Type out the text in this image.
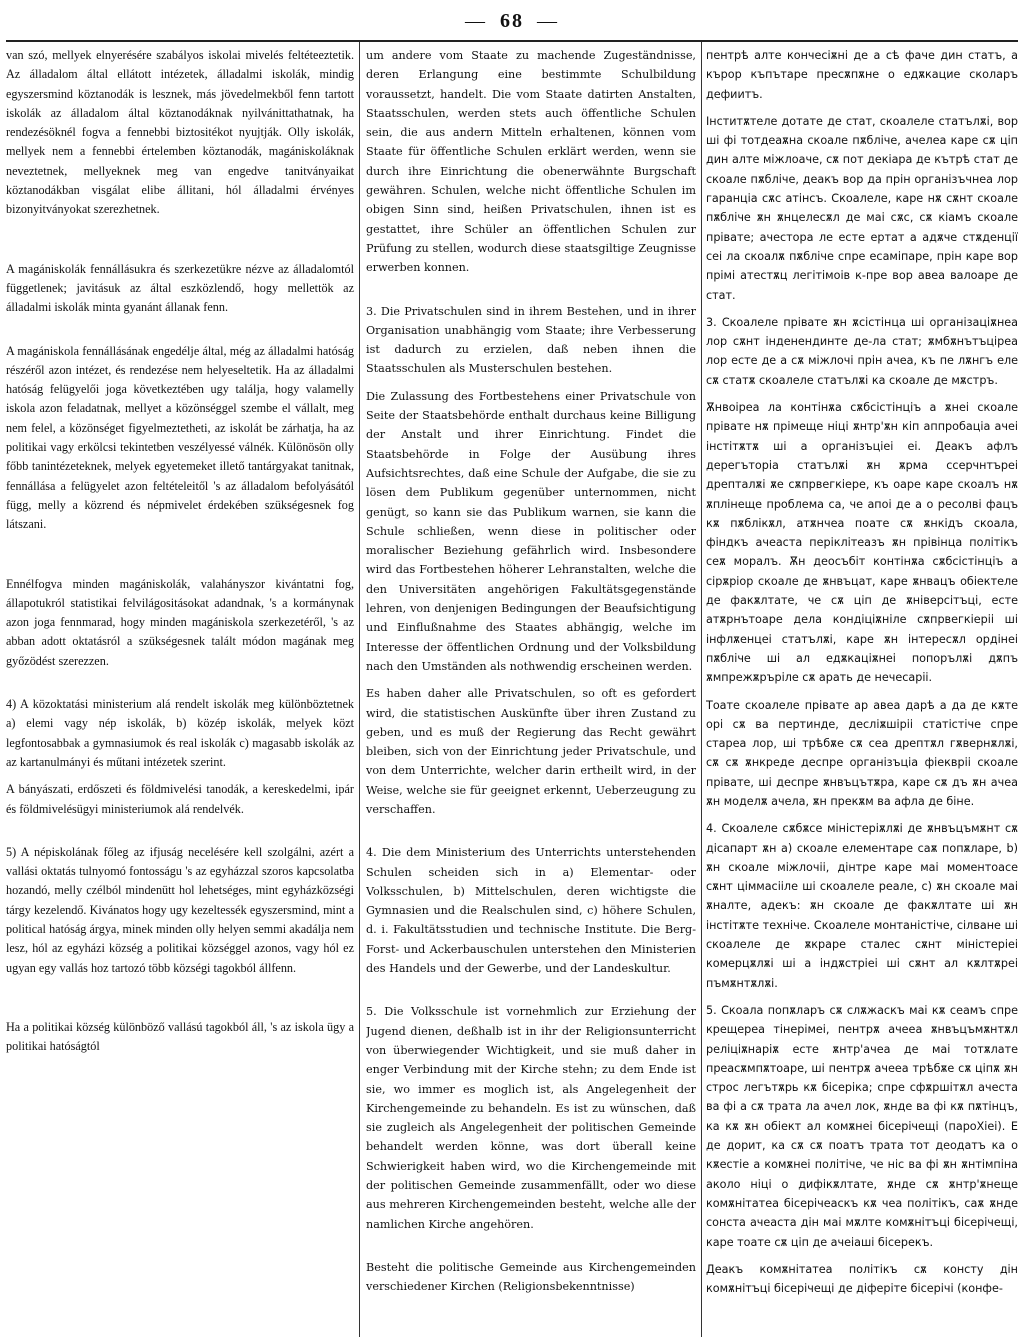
— 68 —

van szó, mellyek elnyerésére szabályos iskolai mivelés feltéteeztetik. Az álladalom által ellátott intézetek, álladalmi iskolák, mindig egyszersmind köztanodák is lesznek, más jövedelmekből fenn tartott iskolák az álladalom által köztanodáknak nyilvánittathatnak, ha rendezésöknél fogva a fennebbi biztositékot nyujtják. Olly iskolák, mellyek nem a fennebbi értelemben köztanodák, magániskoláknak neveztetnek, mellyeknek meg van engedve tanitványaikat köztanodákban visgálat elibe állitani, hól álladalmi érvényes bizonyitványokat szerezhetnek.

A magániskolák fennállásukra és szerkezetükre nézve az álladalomtól függetlenek; javitásuk az által eszközlendő, hogy mellettök az álladalmi iskolák minta gyanánt állanak fenn.

A magániskola fennállásának engedélje által, még az álladalmi hatóság részéről azon intézet, és rendezése nem helyeseltetik. Ha az álladalmi hatóság felügyelői joga következtében ugy találja, hogy valamelly iskola azon feladatnak, mellyet a közönséggel szembe el vállalt, meg nem felel, a közönséget figyelmeztetheti, az iskolát be zárhatja, ha az politikai vagy erkölcsi tekintetben veszélyessé válnék. Különösön olly főbb tanintézeteknek, melyek egyetemeket illető tantárgyakat tanitnak, fennállása a felügyelet azon feltételeitől 's az álladalom befolyásától függ, melly a közrend és népmivelet érdekében szükségesnek fog látszani.

Ennélfogva minden magániskolák, valahányszor kivántatni fog, állapotukról statistikai felvilágositásokat adandnak, 's a kormánynak azon joga fennmarad, hogy minden magániskola szerkezetéről, 's az abban adott oktatásról a szükségesnek talált módon magának meg győzödést szerezzen.

4) A közoktatási ministerium alá rendelt iskolák meg különböztetnek a) elemi vagy nép iskolák, b) közép iskolák, melyek közt legfontosabbak a gymnasiumok és real iskolák c) magasabb iskolák az az kartanulmányi és műtani intézetek szerint.

A bányászati, erdőszeti és földmivelési tanodák, a kereskedelmi, ipár és földmivelésügyi ministeriumok alá rendelvék.

5) A népiskolának főleg az ifjuság necelésére kell szolgálni, azért a vallási oktatás tulnyomó fontosságu 's az egyházzal szoros kapcsolatba hozandó, melly czélból mindenütt hol lehetséges, mint egyházközségi tárgy kezelendő. Kivánatos hogy ugy kezeltessék egyszersmind, mint a political hatóság árgya, minek minden olly helyen semmi akadálja nem lesz, hól az egyházi község a politikai községgel azonos, vagy hól ez ugyan egy vallás hoz tartozó több községi tagokból állfenn.

Ha a politikai község különböző vallású tagokból áll, 's az iskola ügy a politikai hatóságtól

um andere vom Staate zu machende Zugeständnisse, deren Erlangung eine bestimmte Schulbildung voraussetzt, handelt. Die vom Staate datirten Anstalten, Staatsschulen, werden stets auch öffentliche Schulen sein, die aus andern Mitteln erhaltenen, können vom Staate für öffentliche Schulen erklärt werden, wenn sie durch ihre Einrichtung die obenerwähnte Burgschaft gewähren. Schulen, welche nicht öffentliche Schulen im obigen Sinn sind, heißen Privatschulen, ihnen ist es gestattet, ihre Schüler an öffentlichen Schulen zur Prüfung zu stellen, wodurch diese staatsgiltige Zeugnisse erwerben konnen.

3. Die Privatschulen sind in ihrem Bestehen, und in ihrer Organisation unabhängig vom Staate; ihre Verbesserung ist dadurch zu erzielen, daß neben ihnen die Staatsschulen als Musterschulen bestehen.

Die Zulassung des Fortbestehens einer Privatschule von Seite der Staatsbehörde enthalt durchaus keine Billigung der Anstalt und ihrer Einrichtung. Findet die Staatsbehörde in Folge der Ausübung ihres Aufsichtsrechtes, daß eine Schule der Aufgabe, die sie zu lösen dem Publikum gegenüber unternommen, nicht genügt, so kann sie das Publikum warnen, sie kann die Schule schließen, wenn diese in politischer oder moralischer Beziehung gefährlich wird. Insbesondere wird das Fortbestehen höherer Lehranstalten, welche die den Universitäten angehörigen Fakultätsgegenstände lehren, von denjenigen Bedingungen der Beaufsichtigung und Einflußnahme des Staates abhängig, welche im Interesse der öffentlichen Ordnung und der Volksbildung nach den Umständen als nothwendig erscheinen werden.

Es haben daher alle Privatschulen, so oft es gefordert wird, die statistischen Auskünfte über ihren Zustand zu geben, und es muß der Regierung das Recht gewährt bleiben, sich von der Einrichtung jeder Privatschule, und von dem Unterrichte, welcher darin ertheilt wird, in der Weise, welche sie für geeignet erkennt, Ueberzeugung zu verschaffen.

4. Die dem Ministerium des Unterrichts unterstehenden Schulen scheiden sich in a) Elementar- oder Volksschulen, b) Mittelschulen, deren wichtigste die Gymnasien und die Realschulen sind, c) höhere Schulen, d. i. Fakultätsstudien und technische Institute. Die Berg- Forst- und Ackerbauschulen unterstehen den Ministerien des Handels und der Gewerbe, und der Landeskultur.

5. Die Volksschule ist vornehmlich zur Erziehung der Jugend dienen, deßhalb ist in ihr der Religionsunterricht von überwiegender Wichtigkeit, und sie muß daher in enger Verbindung mit der Kirche stehn; zu dem Ende ist sie, wo immer es moglich ist, als Angelegenheit der Kirchengemeinde zu behandeln. Es ist zu wünschen, daß sie zugleich als Angelegenheit der politischen Gemeinde behandelt werden könne, was dort überall keine Schwierigkeit haben wird, wo die Kirchengemeinde mit der politischen Gemeinde zusammenfällt, oder wo diese aus mehreren Kirchengemeinden besteht, welche alle der namlichen Kirche angehören.

Besteht die politische Gemeinde aus Kirchengemeinden verschiedener Kirchen (Religionsbekenntnisse)

пентрѣ алте кончесіѫні де а сѣ фаче дин статъ, а кърор къпътаре пресѫпѫне о едѫкацие сколаръ дефиитъ.

Інститѫтеле дотате де стат, скоалеле статълѫі, вор ші фі тотдеаѫна скоале пѫблiче, ачелеа каре сѫ ціп дин алте міжлоаче, сѫ пот декіара де кътрѣ стат де скоале пѫблiче, деакъ вор да прін організъчнеа лор гаранціа сѫс атінсъ. Скоалеле, каре нѫ сѫнт скоале пѫблiче ѫн ѫнцелесѫл де маі сѫс, сѫ кіамъ скоале прівате; ачестора ле есте ертат а адѫче стѫденції сеі ла скоалѫ пѫблiче спре есаміпаре, прін каре вор прімі атестѫц лeгітiмоів к-пре вор авеа валоаре де стат.

3. Скоалеле прівате ѫн ѫсістінца ші організаціѫнеа лор сѫнт інденендинте де-ла стат; ѫмбѫнътъціреа лор есте де а сѫ міжлочі прін ачеа, къ пе лѫнгъ еле сѫ статѫ скоалеле статълѫі ка скоале де мѫстръ.

Ѫнвоіреа ла контінѫа сѫбсістінціъ а ѫнеі скоале прівате нѫ прімеще ніці ѫнтр'ѫн кіп аппробаціа ачеі інстітѫтѫ ші а організъціеі еі. Деакъ афлъ дерегъторіа статълѫі ѫн ѫрма ссерчнтъреі дрепталѫі ѫе сѫпрвегкіере, къ оаре каре скоалъ нѫ ѫплінеще проблема са, че апоі де а о ресолві фацъ кѫ пѫблiкѫл, атѫнчеа поате сѫ ѫнкідъ скоала, фіндкъ ачеаста періклітеазъ ѫн прівінца політікъ сеѫ моралъ. Ѫн деосъбіт контінѫа сѫбсістінціъ а сірѫріор скоале де ѫнвъцат, каре ѫнвацъ обіектеле де факѫлтате, че сѫ ціп де ѫніверсітъці, есте атѫрнътоаре дела кондіціѫніле сѫпрвегкіеріі ші інфлѫенцеі статълѫі, каре ѫн інтересѫл ордінеі пѫблiче ші ал едѫкаціѫнеі попорълѫі дѫпъ ѫмпрежѫръріле сѫ арать де нечесарiі.

Тоате скоалеле прівате ар авеа дарѣ а да де кѫте орі сѫ ва пертинде, десліѫшіріі статістiче спре стареа лор, ші трѣбѫе сѫ сеа дрептѫл гѫвернѫлѫі, сѫ сѫ ѫнкреде деспре організъціа фіеквріі скоале прівате, ші деспре ѫнвъцътѫра, каре сѫ дъ ѫн ачеа ѫн моделѫ ачела, ѫн прекѫм ва афла де біне.

4. Скоалеле сѫбѫсе міністеріѫлѫі де ѫнвъцъмѫнт сѫ дісапарт ѫн а) скоале елементаре саѫ попѫларе, b) ѫн скоале міжлочіі, дінтре каре маі моментоасе сѫнт ціммасііле ші скоалеле реале, c) ѫн скоале маі ѫналте, адекъ: ѫн скоале де факѫлтате ші ѫн інстітѫте технiче. Скоалеле монтаністiче, сілване ші скоалеле де ѫкраре сталес сѫнт міністеріеі комерцѫлѫі ші а індѫстріеі ші сѫнт ал кѫлтѫреі пъмѫнтѫлѫі.

5. Скоала попѫларъ сѫ слѫжаскъ маі кѫ сеамъ спре крещереа тінерімеі, пентрѫ ачееа ѫнвъцъмѫнтѫл реліціѫнарiѫ есте ѫнтр'ачеа де маі тотѫлате преасѫмпѫтоаре, ші пентрѫ ачееа трѣбѫе сѫ ціпѫ ѫн строс легътѫрь кѫ бісеріка; спре сфѫршітѫл ачеста ва фі а сѫ трата ла ачел лок, ѫнде ва фі кѫ пѫтінцъ, ка кѫ ѫн обіект ал комѫнеі бісерічещі (пароХіеі). Е де дорит, ка сѫ сѫ поатъ трата тот деодатъ ка о кѫестіе а комѫнеі політіче, че ніс ва фі ѫн ѫнтімпіна аколо ніці о дифікѫлтате, ѫнде сѫ ѫнтр'ѫнеще комѫнітатеа бісерічеаскъ кѫ чеа політікъ, саѫ ѫнде сонста ачеаста дін маі мѫлте комѫнітъці бісерічещі, каре тоате сѫ ціп де ачеіаші бісерекъ.

Деакъ комѫнітатеа політікъ сѫ консту дін комѫнітъці бісерічещі де діферіте бісерічі (конфе-
